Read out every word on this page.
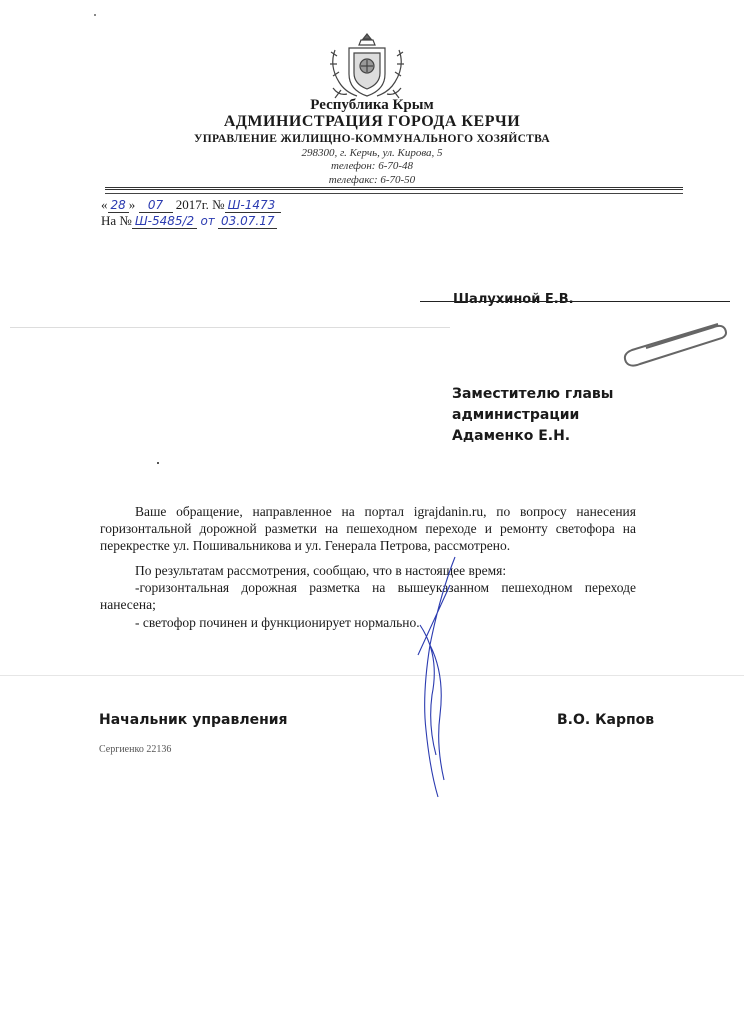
Республика Крым
АДМИНИСТРАЦИЯ ГОРОДА КЕРЧИ
УПРАВЛЕНИЕ ЖИЛИЩНО-КОММУНАЛЬНОГО ХОЗЯЙСТВА
298300, г. Керчь, ул. Кирова, 5
телефон: 6-70-48
телефакс: 6-70-50
« 28 » 07 2017г. № Ш-1473
На № Ш-5485/2 от 03.07.17
Шалухиной Е.В.
Заместителю главы
администрации
Адаменко Е.Н.
Ваше обращение, направленное на портал igrajdanin.ru, по вопросу нанесения горизонтальной дорожной разметки на пешеходном переходе и ремонту светофора на перекрестке ул. Пошивальникова и ул. Генерала Петрова, рассмотрено.
По результатам рассмотрения, сообщаю, что в настоящее время:
-горизонтальная дорожная разметка на вышеуказанном пешеходном переходе нанесена;
- светофор починен и функционирует нормально.
Начальник управления	В.О. Карпов
Сергиенко 22136
